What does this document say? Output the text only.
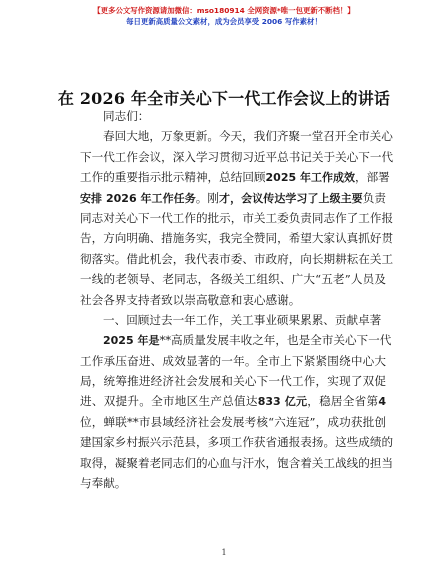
【更多公文写作资源请加微信：mso180914 全网资源*唯一包更新不断档！】
每日更新高质量公文素材，成为会员享受 2006 写作素材！
在 2026 年全市关心下一代工作会议上的讲话
同志们：
春回大地，万象更新。今天，我们齐聚一堂召开全市关心
下一代工作会议，深入学习贯彻习近平总书记关于关心下一代
工作的重要指示批示精神，总结回顾2025 年工作成效，部署
安排 2026 年工作任务。刚才，会议传达学习了上级主要负责
同志对关心下一代工作的批示，市关工委负责同志作了工作报
告，方向明确、措施务实，我完全赞同，希望大家认真抓好贯
彻落实。借此机会，我代表市委、市政府，向长期耕耘在关工
一线的老领导、老同志，各级关工组织、广大“五老”人员及
社会各界支持者致以崇高敬意和衷心感谢。
一、回顾过去一年工作，关工事业硕果累累、贡献卓著
2025 年是**高质量发展丰收之年，也是全市关心下一代
工作承压奋进、成效显著的一年。全市上下紧紧围绕中心大
局，统筹推进经济社会发展和关心下一代工作，实现了双促
进、双提升。全市地区生产总值达833 亿元，稳居全省第4
位，蝉联**市县域经济社会发展考核“六连冠”，成功获批创
建国家乡村振兴示范县，多项工作获省通报表扬。这些成绩的
取得，凝聚着老同志们的心血与汗水，饱含着关工战线的担当
与奉献。
1
